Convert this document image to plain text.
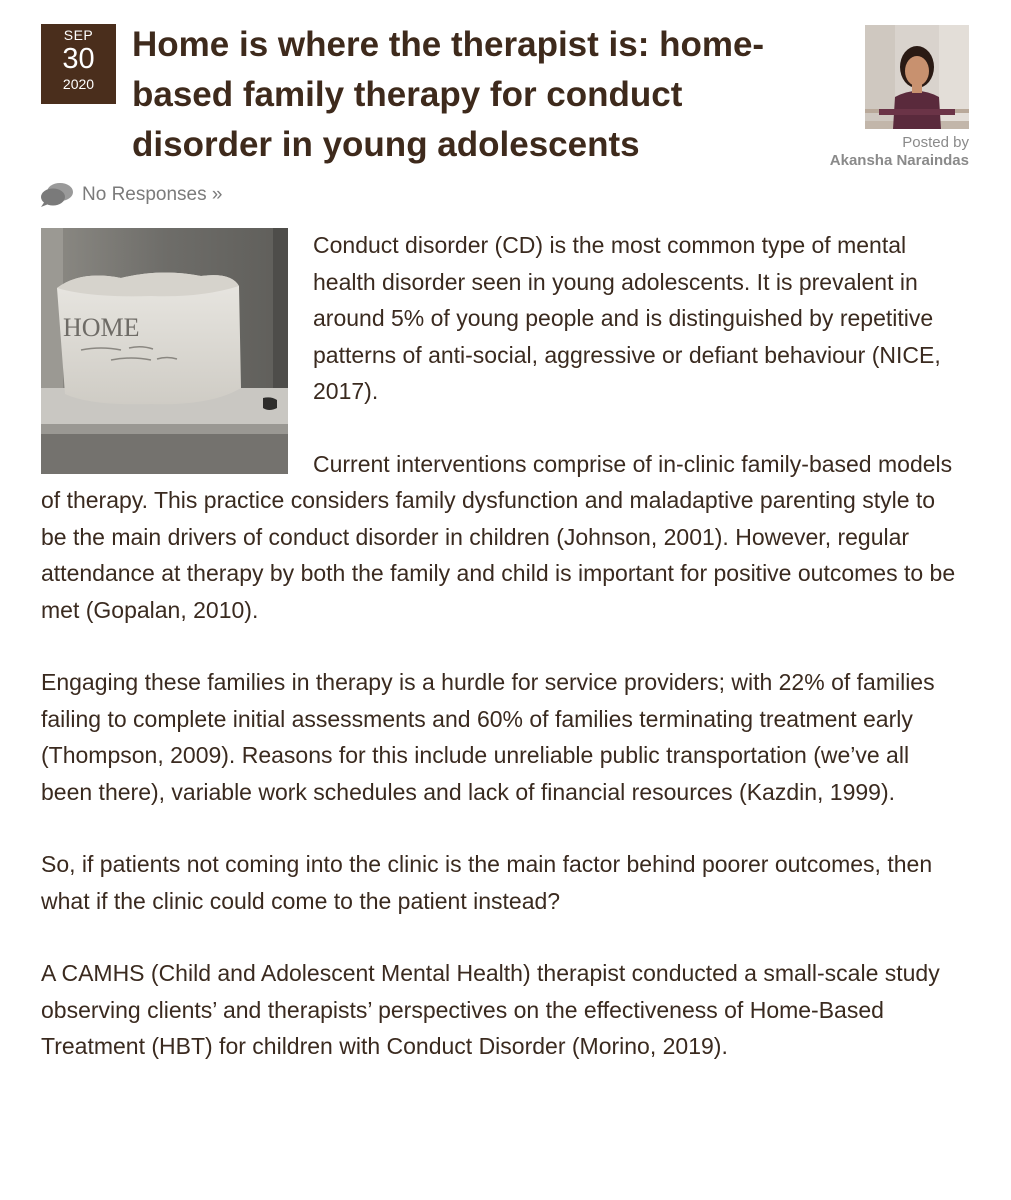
SEP
30
2020
Home is where the therapist is: home-based family therapy for conduct disorder in young adolescents	Posted by
Akansha Naraindas
No Responses »
HOME

Conduct disorder (CD) is the most common type of mental health disorder seen in young adolescents. It is prevalent in around 5% of young people and is distinguished by repetitive patterns of anti-social, aggressive or defiant behaviour (NICE, 2017).

Current interventions comprise of in-clinic family-based models of therapy. This practice considers family dysfunction and maladaptive parenting style to be the main drivers of conduct disorder in children (Johnson, 2001). However, regular attendance at therapy by both the family and child is important for positive outcomes to be met (Gopalan, 2010).

Engaging these families in therapy is a hurdle for service providers; with 22% of families failing to complete initial assessments and 60% of families terminating treatment early (Thompson, 2009). Reasons for this include unreliable public transportation (we’ve all been there), variable work schedules and lack of financial resources (Kazdin, 1999).

So, if patients not coming into the clinic is the main factor behind poorer outcomes, then what if the clinic could come to the patient instead?

A CAMHS (Child and Adolescent Mental Health) therapist conducted a small-scale study observing clients’ and therapists’ perspectives on the effectiveness of Home-Based Treatment (HBT) for children with Conduct Disorder (Morino, 2019).
